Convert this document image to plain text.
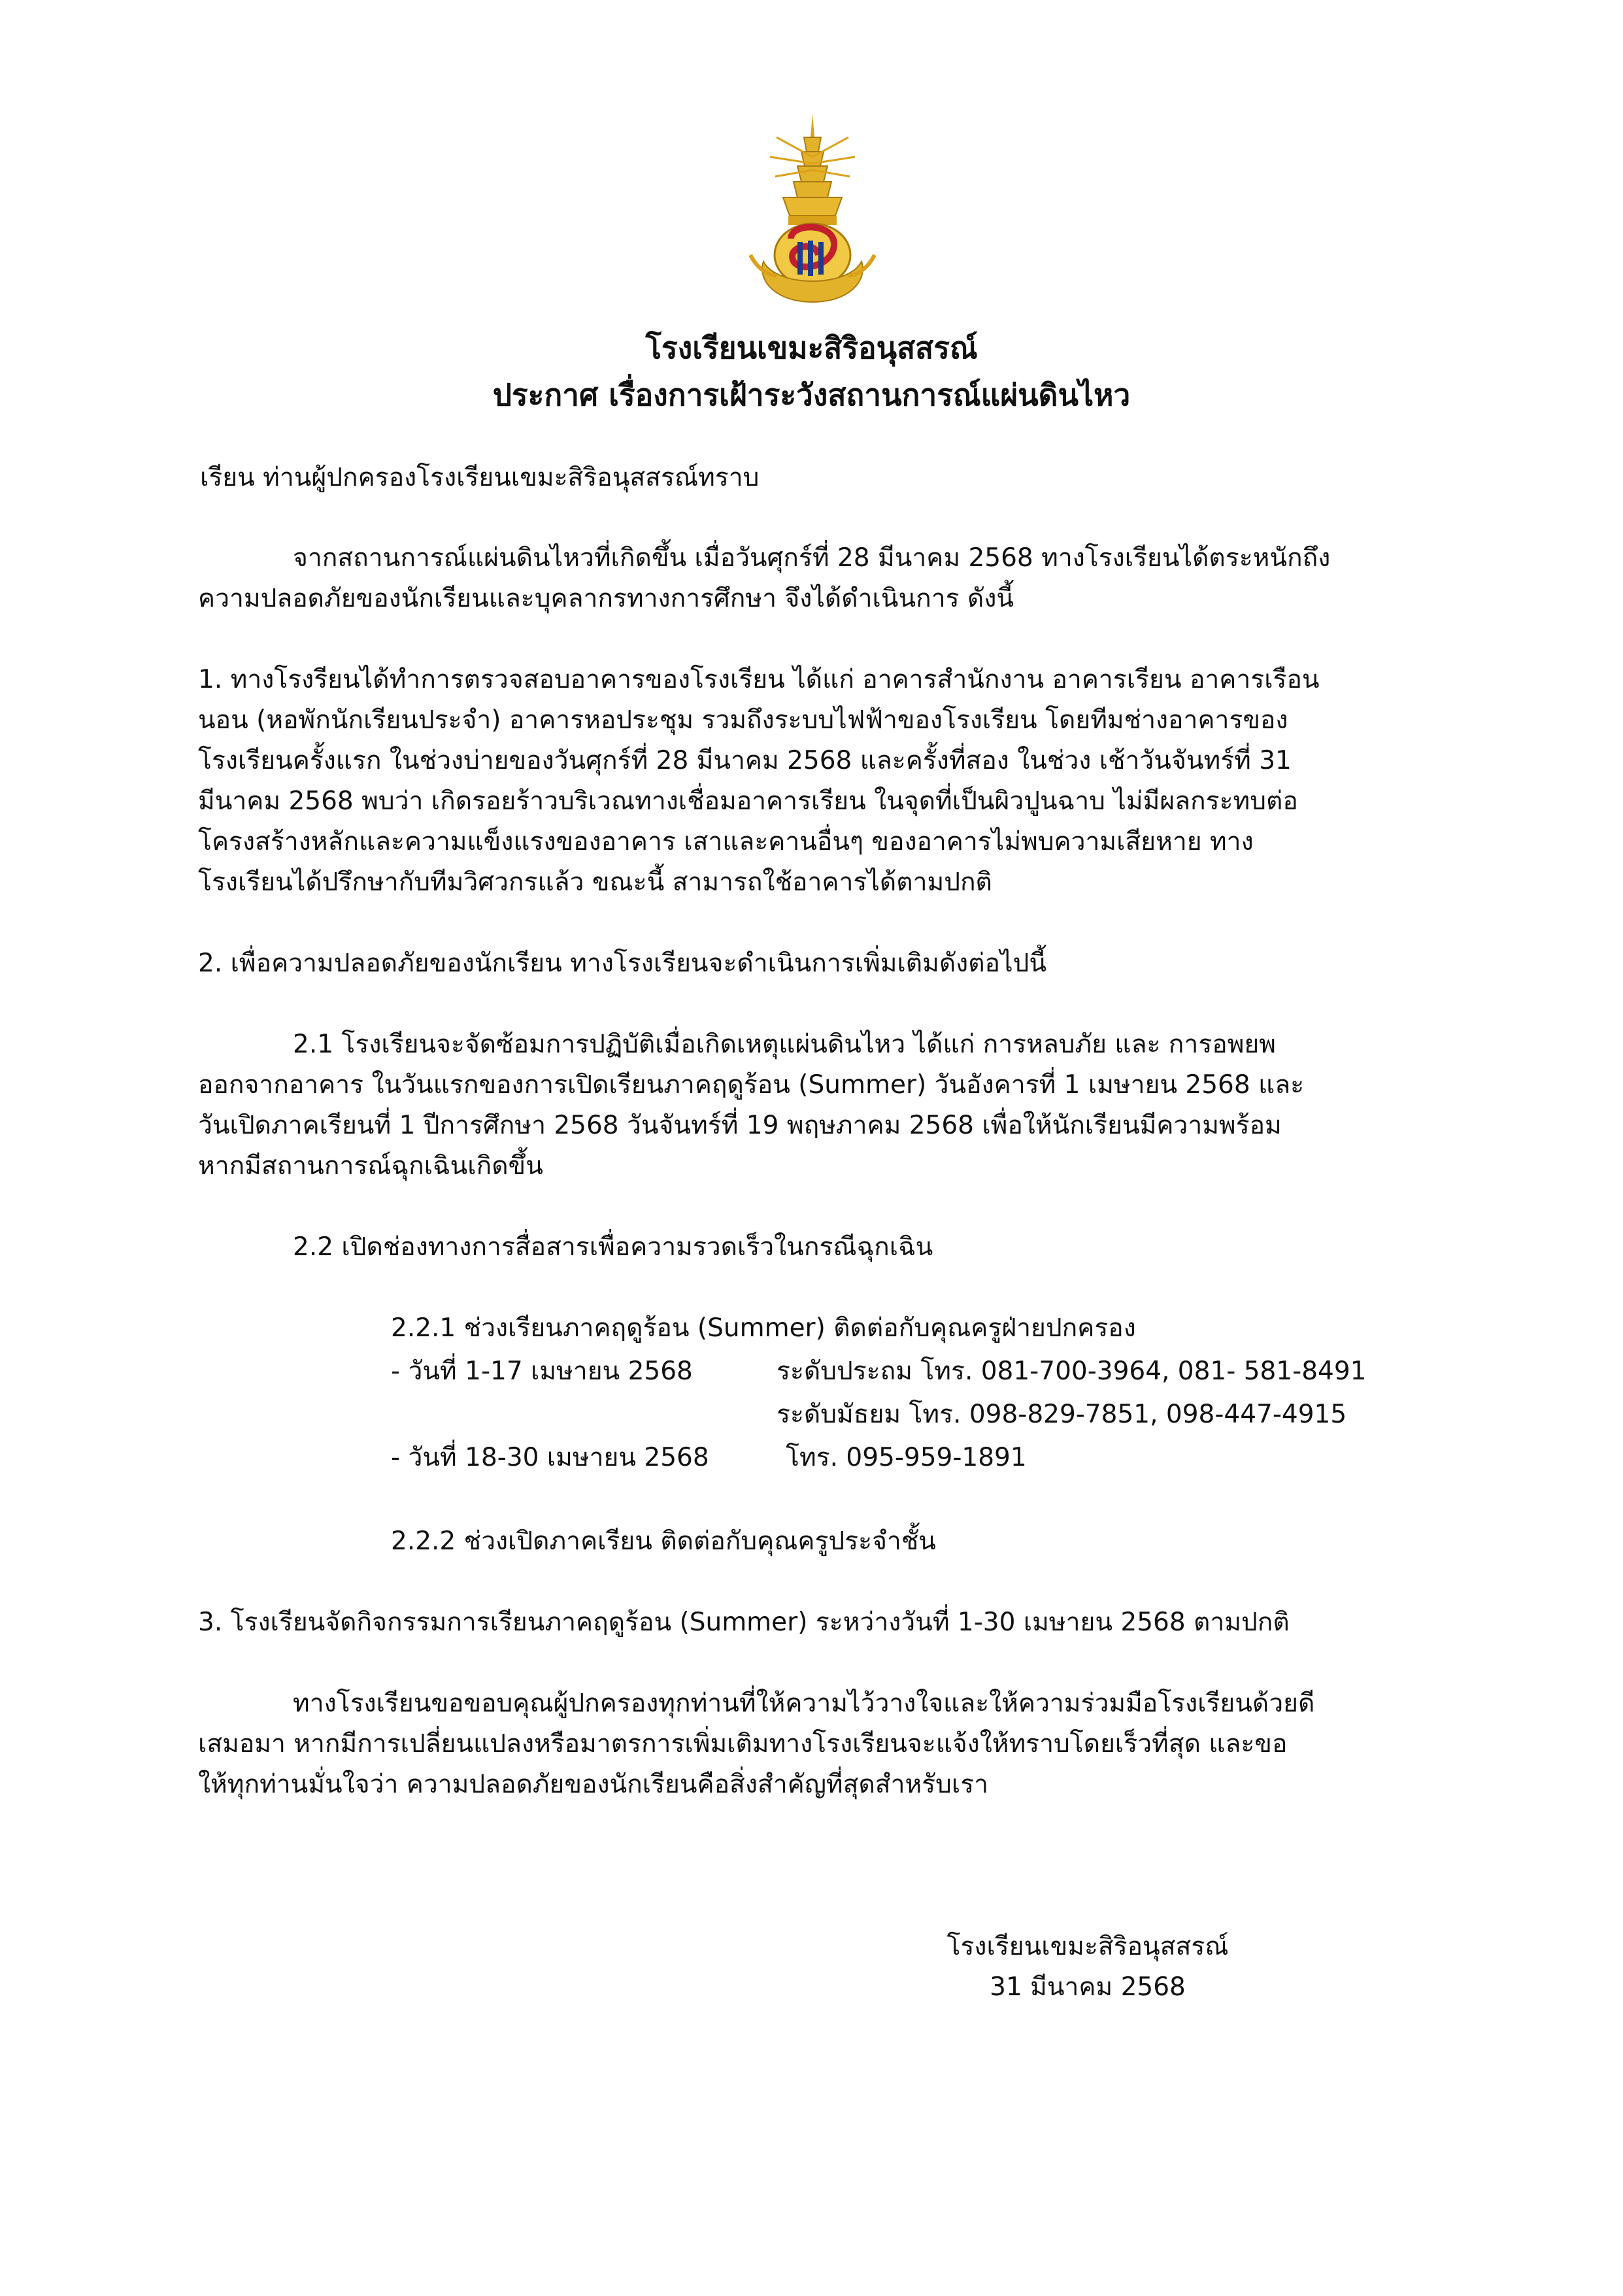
โรงเรียนเขมะสิริอนุสสรณ์
ประกาศ เรื่องการเฝ้าระวังสถานการณ์แผ่นดินไหว
เรียน ท่านผู้ปกครองโรงเรียนเขมะสิริอนุสสรณ์ทราบ
จากสถานการณ์แผ่นดินไหวที่เกิดขึ้น เมื่อวันศุกร์ที่ 28 มีนาคม 2568 ทางโรงเรียนได้ตระหนักถึง
ความปลอดภัยของนักเรียนและบุคลากรทางการศึกษา จึงได้ดำเนินการ ดังนี้
1. ทางโรงรียนได้ทำการตรวจสอบอาคารของโรงเรียน ได้แก่ อาคารสำนักงาน อาคารเรียน อาคารเรือน
นอน (หอพักนักเรียนประจำ) อาคารหอประชุม รวมถึงระบบไฟฟ้าของโรงเรียน โดยทีมช่างอาคารของ
โรงเรียนครั้งแรก ในช่วงบ่ายของวันศุกร์ที่ 28 มีนาคม 2568 และครั้งที่สอง ในช่วง เช้าวันจันทร์ที่ 31
มีนาคม 2568 พบว่า เกิดรอยร้าวบริเวณทางเชื่อมอาคารเรียน ในจุดที่เป็นผิวปูนฉาบ ไม่มีผลกระทบต่อ
โครงสร้างหลักและความแข็งแรงของอาคาร เสาและคานอื่นๆ ของอาคารไม่พบความเสียหาย ทาง
โรงเรียนได้ปรึกษากับทีมวิศวกรแล้ว ขณะนี้ สามารถใช้อาคารได้ตามปกติ
2. เพื่อความปลอดภัยของนักเรียน ทางโรงเรียนจะดำเนินการเพิ่มเติมดังต่อไปนี้
2.1 โรงเรียนจะจัดซ้อมการปฏิบัติเมื่อเกิดเหตุแผ่นดินไหว ได้แก่ การหลบภัย และ การอพยพ
ออกจากอาคาร ในวันแรกของการเปิดเรียนภาคฤดูร้อน (Summer) วันอังคารที่ 1 เมษายน 2568 และ
วันเปิดภาคเรียนที่ 1 ปีการศึกษา 2568 วันจันทร์ที่ 19 พฤษภาคม 2568 เพื่อให้นักเรียนมีความพร้อม
หากมีสถานการณ์ฉุกเฉินเกิดขึ้น
2.2 เปิดช่องทางการสื่อสารเพื่อความรวดเร็วในกรณีฉุกเฉิน
2.2.1 ช่วงเรียนภาคฤดูร้อน (Summer) ติดต่อกับคุณครูฝ่ายปกครอง
- วันที่ 1-17 เมษายน 2568	ระดับประถม โทร. 081-700-3964, 081- 581-8491
ระดับมัธยม โทร. 098-829-7851, 098-447-4915
- วันที่ 18-30 เมษายน 2568	โทร. 095-959-1891
2.2.2 ช่วงเปิดภาคเรียน ติดต่อกับคุณครูประจำชั้น
3. โรงเรียนจัดกิจกรรมการเรียนภาคฤดูร้อน (Summer) ระหว่างวันที่ 1-30 เมษายน 2568 ตามปกติ
ทางโรงเรียนขอขอบคุณผู้ปกครองทุกท่านที่ให้ความไว้วางใจและให้ความร่วมมือโรงเรียนด้วยดี
เสมอมา หากมีการเปลี่ยนแปลงหรือมาตรการเพิ่มเติมทางโรงเรียนจะแจ้งให้ทราบโดยเร็วที่สุด และขอ
ให้ทุกท่านมั่นใจว่า ความปลอดภัยของนักเรียนคือสิ่งสำคัญที่สุดสำหรับเรา
โรงเรียนเขมะสิริอนุสสรณ์
31 มีนาคม 2568
